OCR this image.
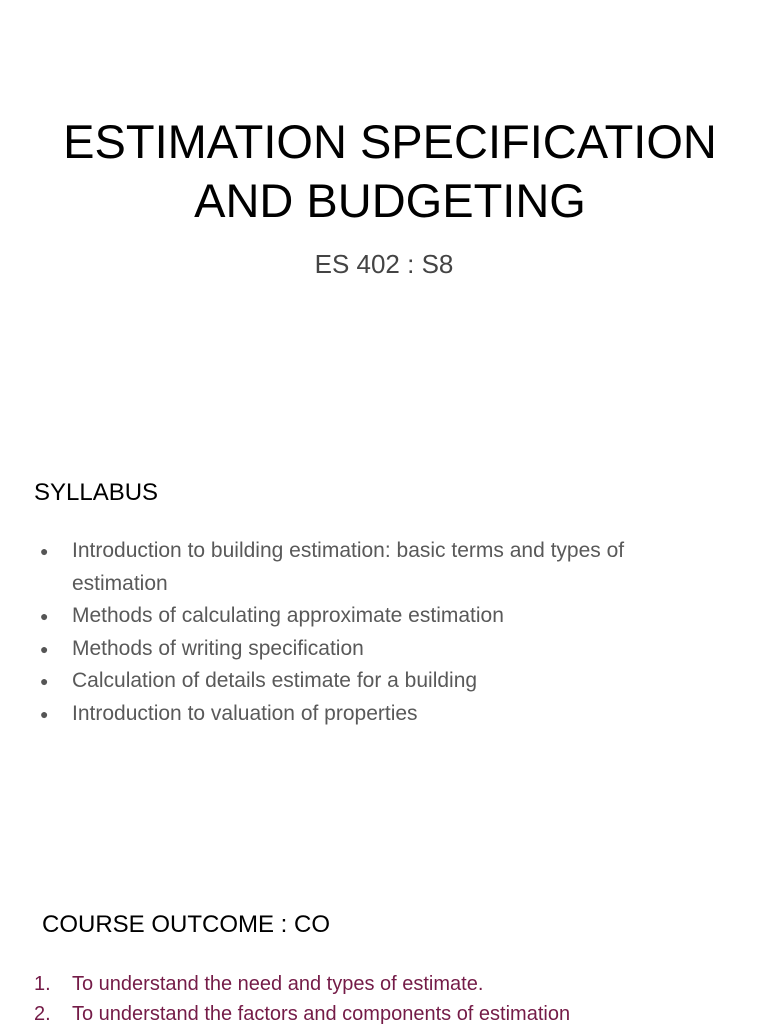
ESTIMATION SPECIFICATION
AND BUDGETING
ES 402 : S8
SYLLABUS
● Introduction to building estimation: basic terms and types of estimation
● Methods of calculating approximate estimation
● Methods of writing specification
● Calculation of details estimate for a building
● Introduction to valuation of properties
COURSE OUTCOME : CO
1. To understand the need and types of estimate.
2. To understand the factors and components of estimation
